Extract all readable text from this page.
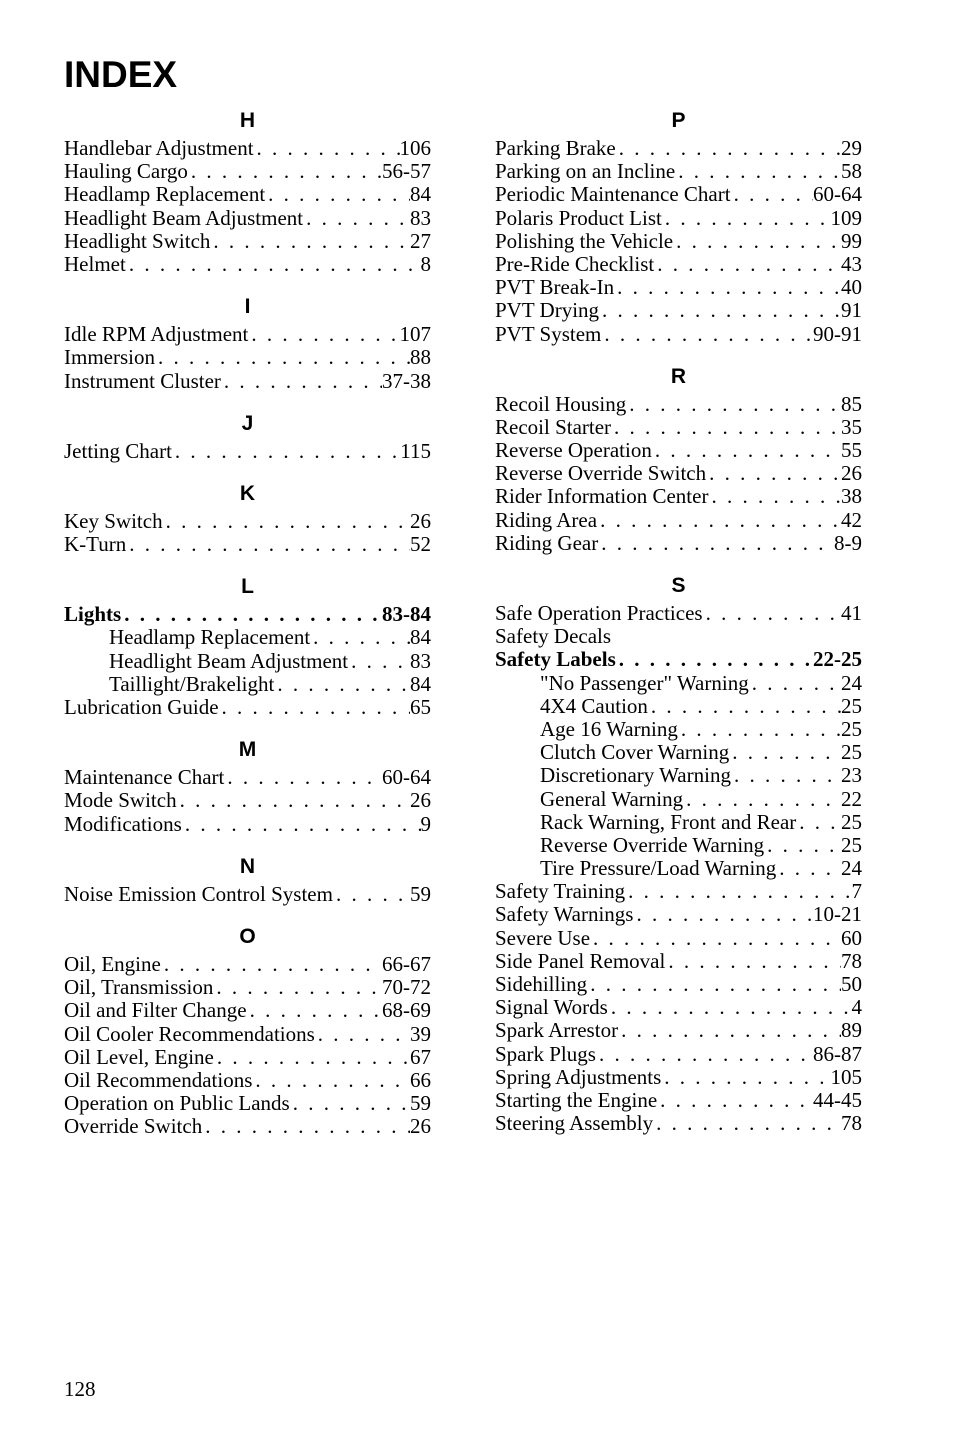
INDEX
H
Handlebar Adjustment . . .	106
Hauling Cargo . . .	56-57
Headlamp Replacement . . .	84
Headlight Beam Adjustment . . .	83
Headlight Switch . . .	27
Helmet . . .	8
I
Idle RPM Adjustment . . .	107
Immersion . . .	88
Instrument Cluster . . .	37-38
J
Jetting Chart . . .	115
K
Key Switch . . .	26
K-Turn . . .	52
L
Lights . . .	83-84
Headlamp Replacement . . .	84
Headlight Beam Adjustment . . .	83
Taillight/Brakelight . . .	84
Lubrication Guide . . .	65
M
Maintenance Chart . . .	60-64
Mode Switch . . .	26
Modifications . . .	9
N
Noise Emission Control System . . .	59
O
Oil, Engine . . .	66-67
Oil, Transmission . . .	70-72
Oil and Filter Change . . .	68-69
Oil Cooler Recommendations . . .	39
Oil Level, Engine . . .	67
Oil Recommendations . . .	66
Operation on Public Lands . . .	59
Override Switch . . .	26
P
Parking Brake . . .	29
Parking on an Incline . . .	58
Periodic Maintenance Chart . . .	60-64
Polaris Product List . . .	109
Polishing the Vehicle . . .	99
Pre-Ride Checklist . . .	43
PVT Break-In . . .	40
PVT Drying . . .	91
PVT System . . .	90-91
R
Recoil Housing . . .	85
Recoil Starter . . .	35
Reverse Operation . . .	55
Reverse Override Switch . . .	26
Rider Information Center . . .	38
Riding Area . . .	42
Riding Gear . . .	8-9
S
Safe Operation Practices . . .	41
Safety Decals
Safety Labels . . .	22-25
"No Passenger" Warning . . .	24
4X4 Caution . . .	25
Age 16 Warning . . .	25
Clutch Cover Warning . . .	25
Discretionary Warning . . .	23
General Warning . . .	22
Rack Warning, Front and Rear . . . 25
Reverse Override Warning . . .	25
Tire Pressure/Load Warning . . .	24
Safety Training . . .	7
Safety Warnings . . .	10-21
Severe Use . . .	60
Side Panel Removal . . .	78
Sidehilling . . .	50
Signal Words . . .	4
Spark Arrestor . . .	89
Spark Plugs . . .	86-87
Spring Adjustments . . .	105
Starting the Engine . . .	44-45
Steering Assembly . . .	78
128
